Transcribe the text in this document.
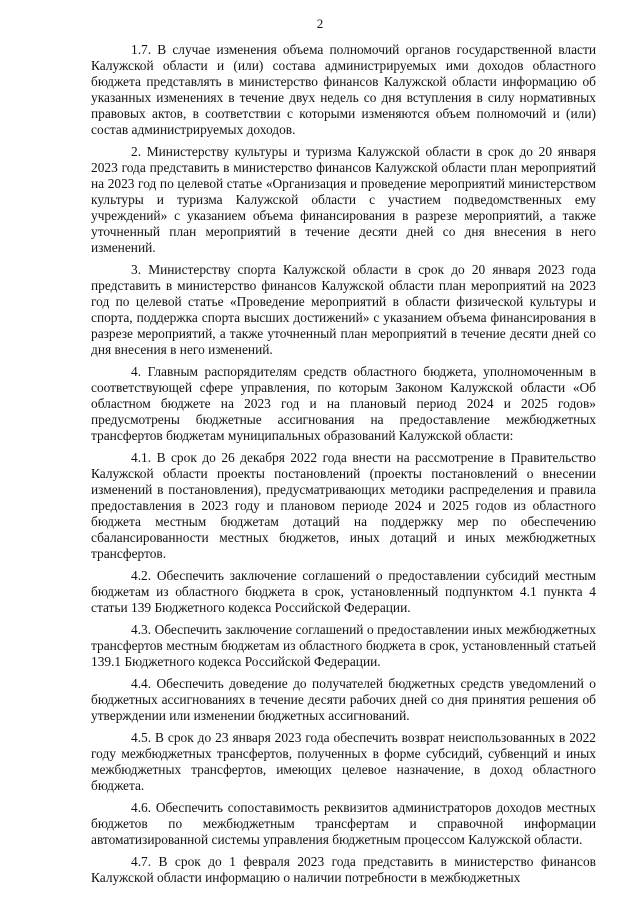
2

1.7. В случае изменения объема полномочий органов государственной власти Калужской области и (или) состава администрируемых ими доходов областного бюджета представлять в министерство финансов Калужской области информацию об указанных изменениях в течение двух недель со дня вступления в силу нормативных правовых актов, в соответствии с которыми изменяются объем полномочий и (или) состав администрируемых доходов.

2. Министерству культуры и туризма Калужской области в срок до 20 января 2023 года представить в министерство финансов Калужской области план мероприятий на 2023 год по целевой статье «Организация и проведение мероприятий министерством культуры и туризма Калужской области с участием подведомственных ему учреждений» с указанием объема финансирования в разрезе мероприятий, а также уточненный план мероприятий в течение десяти дней со дня внесения в него изменений.

3. Министерству спорта Калужской области в срок до 20 января 2023 года представить в министерство финансов Калужской области план мероприятий на 2023 год по целевой статье «Проведение мероприятий в области физической культуры и спорта, поддержка спорта высших достижений» с указанием объема финансирования в разрезе мероприятий, а также уточненный план мероприятий в течение десяти дней со дня внесения в него изменений.

4. Главным распорядителям средств областного бюджета, уполномоченным в соответствующей сфере управления, по которым Законом Калужской области «Об областном бюджете на 2023 год и на плановый период 2024 и 2025 годов» предусмотрены бюджетные ассигнования на предоставление межбюджетных трансфертов бюджетам муниципальных образований Калужской области:

4.1. В срок до 26 декабря 2022 года внести на рассмотрение в Правительство Калужской области проекты постановлений (проекты постановлений о внесении изменений в постановления), предусматривающих методики распределения и правила предоставления в 2023 году и плановом периоде 2024 и 2025 годов из областного бюджета местным бюджетам дотаций на поддержку мер по обеспечению сбалансированности местных бюджетов, иных дотаций и иных межбюджетных трансфертов.

4.2. Обеспечить заключение соглашений о предоставлении субсидий местным бюджетам из областного бюджета в срок, установленный подпунктом 4.1 пункта 4 статьи 139 Бюджетного кодекса Российской Федерации.

4.3. Обеспечить заключение соглашений о предоставлении иных межбюджетных трансфертов местным бюджетам из областного бюджета в срок, установленный статьей 139.1 Бюджетного кодекса Российской Федерации.

4.4. Обеспечить доведение до получателей бюджетных средств уведомлений о бюджетных ассигнованиях в течение десяти рабочих дней со дня принятия решения об утверждении или изменении бюджетных ассигнований.

4.5. В срок до 23 января 2023 года обеспечить возврат неиспользованных в 2022 году межбюджетных трансфертов, полученных в форме субсидий, субвенций и иных межбюджетных трансфертов, имеющих целевое назначение, в доход областного бюджета.

4.6. Обеспечить сопоставимость реквизитов администраторов доходов местных бюджетов по межбюджетным трансфертам и справочной информации автоматизированной системы управления бюджетным процессом Калужской области.

4.7. В срок до 1 февраля 2023 года представить в министерство финансов Калужской области информацию о наличии потребности в межбюджетных
